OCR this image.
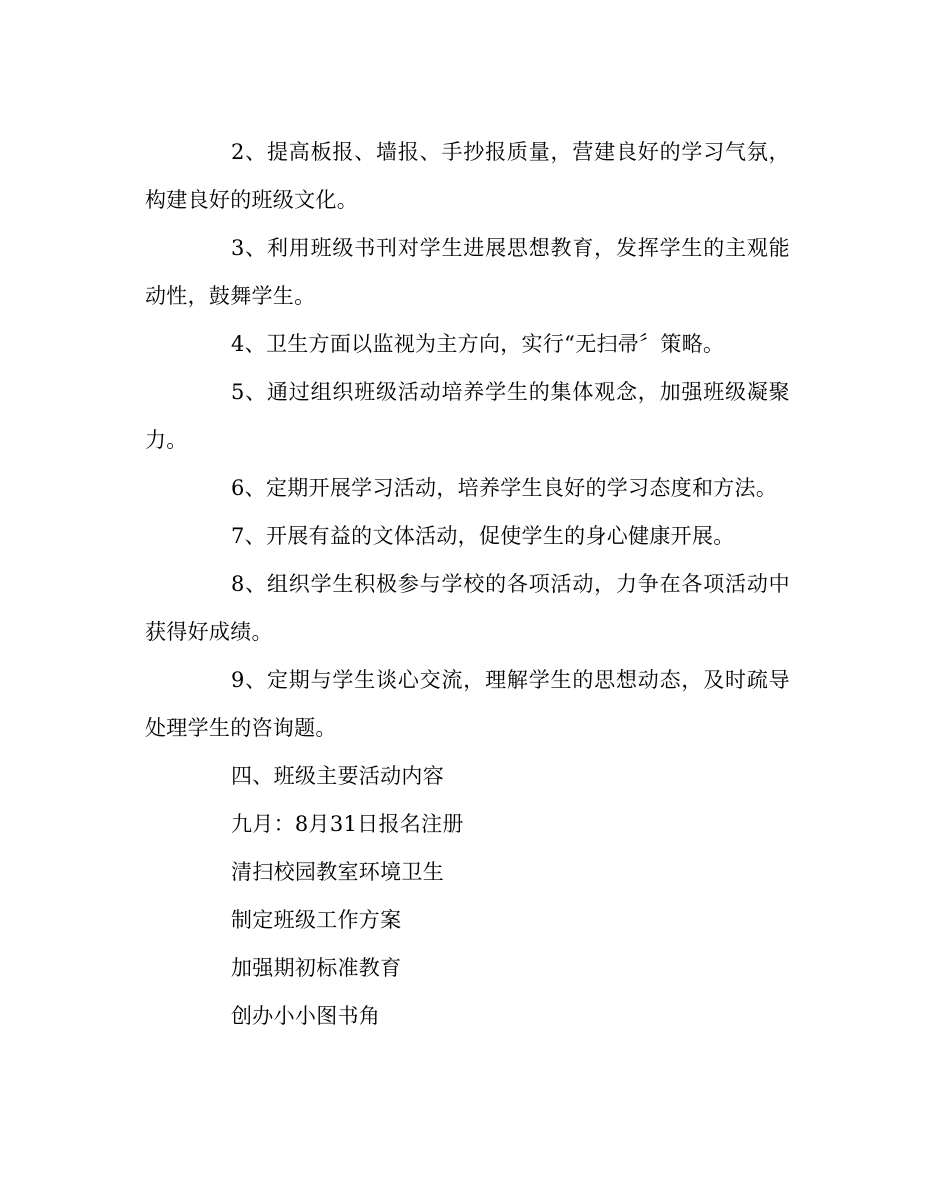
2、提高板报、墙报、手抄报质量，营建良好的学习气氛，构建良好的班级文化。

3、利用班级书刊对学生进展思想教育，发挥学生的主观能动性，鼓舞学生。

4、卫生方面以监视为主方向，实行“无扫帚〞策略。

5、通过组织班级活动培养学生的集体观念，加强班级凝聚力。

6、定期开展学习活动，培养学生良好的学习态度和方法。

7、开展有益的文体活动，促使学生的身心健康开展。

8、组织学生积极参与学校的各项活动，力争在各项活动中获得好成绩。

9、定期与学生谈心交流，理解学生的思想动态，及时疏导处理学生的咨询题。

四、班级主要活动内容

九月：8月31日报名注册

清扫校园教室环境卫生

制定班级工作方案

加强期初标准教育

创办小小图书角
